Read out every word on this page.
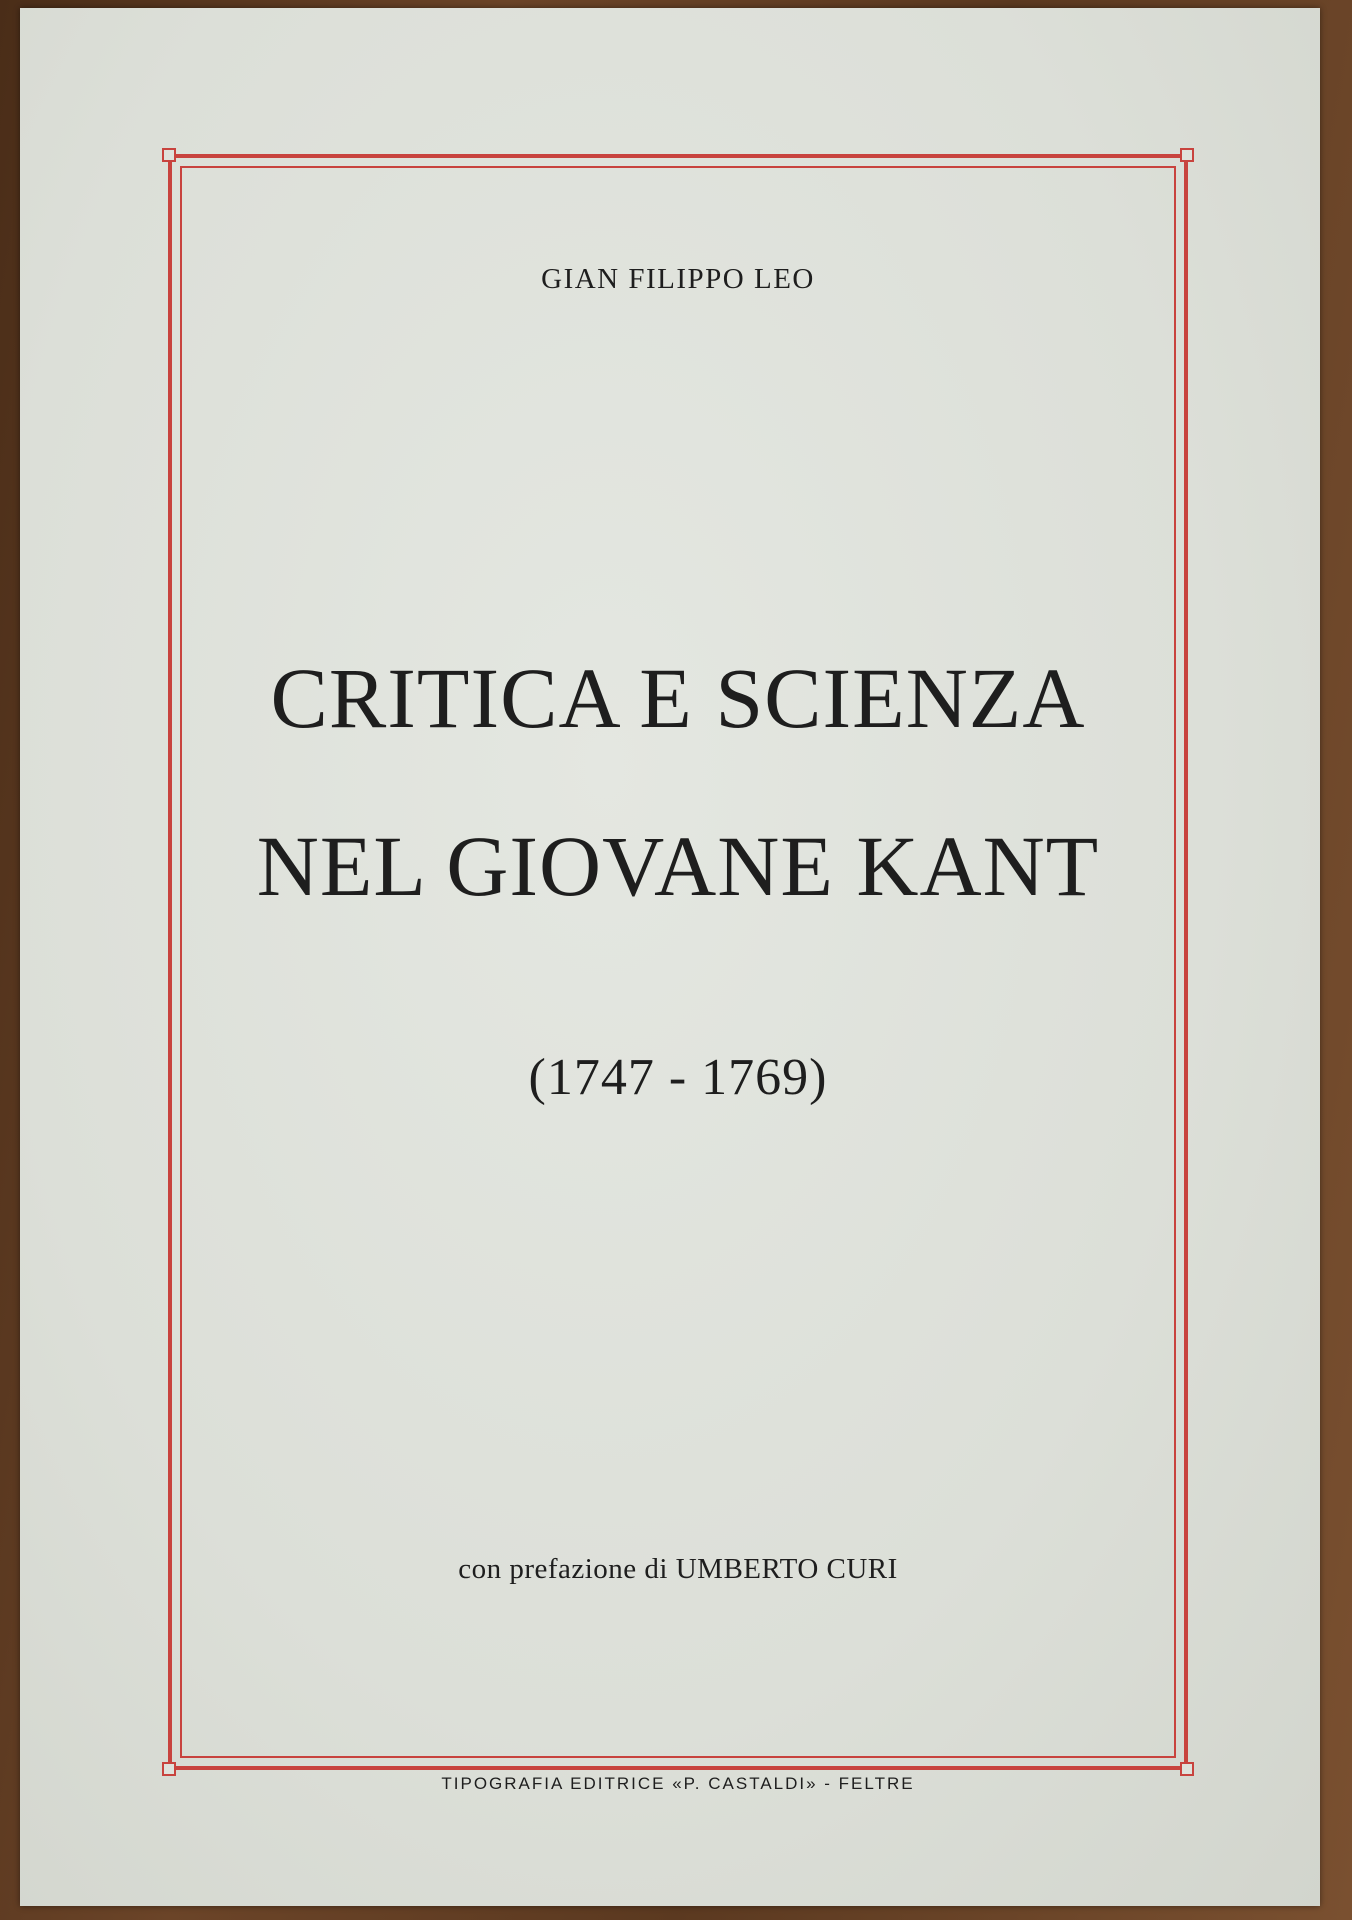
GIAN FILIPPO LEO
CRITICA E SCIENZA
NEL GIOVANE KANT
(1747 - 1769)
con prefazione di UMBERTO CURI
TIPOGRAFIA EDITRICE «P. CASTALDI» - FELTRE
